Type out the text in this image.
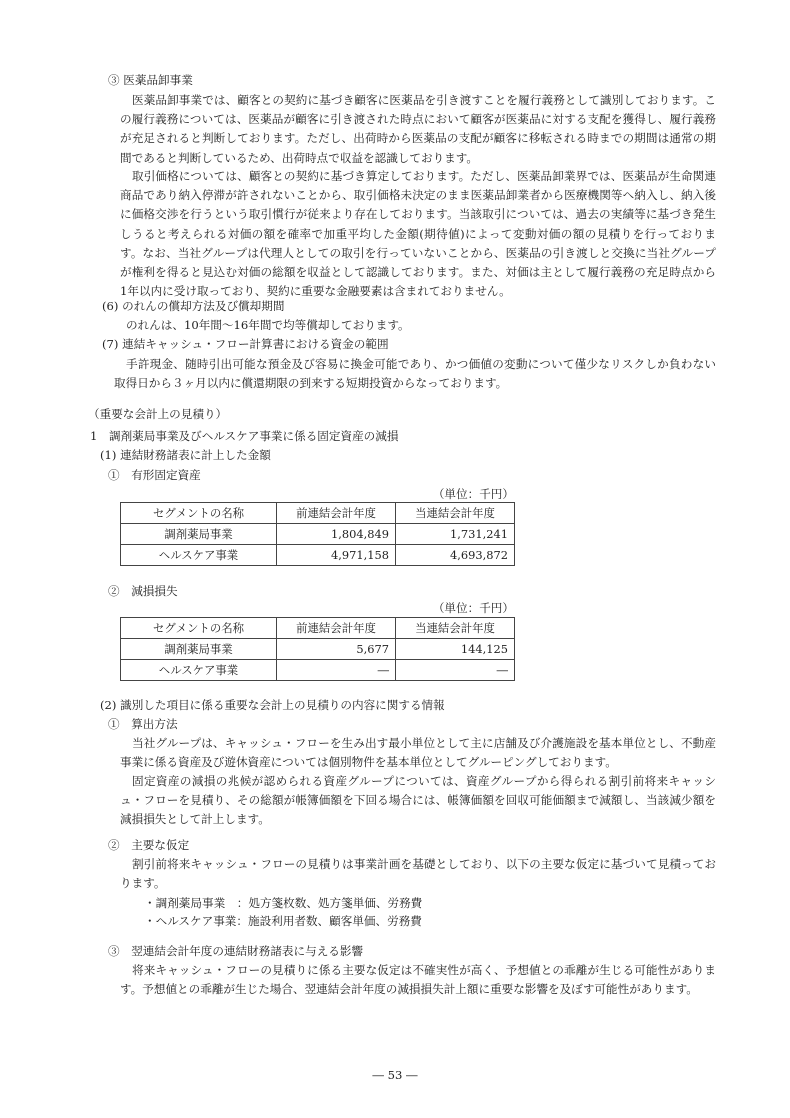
③ 医薬品卸事業
医薬品卸事業では、顧客との契約に基づき顧客に医薬品を引き渡すことを履行義務として識別しております。この履行義務については、医薬品が顧客に引き渡された時点において顧客が医薬品に対する支配を獲得し、履行義務が充足されると判断しております。ただし、出荷時から医薬品の支配が顧客に移転される時までの期間は通常の期間であると判断しているため、出荷時点で収益を認識しております。
取引価格については、顧客との契約に基づき算定しております。ただし、医薬品卸業界では、医薬品が生命関連商品であり納入停滞が許されないことから、取引価格未決定のまま医薬品卸業者から医療機関等へ納入し、納入後に価格交渉を行うという取引慣行が従来より存在しております。当該取引については、過去の実績等に基づき発生しうると考えられる対価の額を確率で加重平均した金額(期待値)によって変動対価の額の見積りを行っております。なお、当社グループは代理人としての取引を行っていないことから、医薬品の引き渡しと交換に当社グループが権利を得ると見込む対価の総額を収益として認識しております。また、対価は主として履行義務の充足時点から1年以内に受け取っており、契約に重要な金融要素は含まれておりません。
(6) のれんの償却方法及び償却期間
のれんは、10年間～16年間で均等償却しております。
(7) 連結キャッシュ・フロー計算書における資金の範囲
手許現金、随時引出可能な預金及び容易に換金可能であり、かつ価値の変動について僅少なリスクしか負わない取得日から３ヶ月以内に償還期限の到来する短期投資からなっております。
（重要な会計上の見積り）
1　調剤薬局事業及びヘルスケア事業に係る固定資産の減損
(1) 連結財務諸表に計上した金額
①　有形固定資産
（単位：千円）
セグメントの名称	前連結会計年度	当連結会計年度
調剤薬局事業	1,804,849	1,731,241
ヘルスケア事業	4,971,158	4,693,872
②　減損損失
（単位：千円）
セグメントの名称	前連結会計年度	当連結会計年度
調剤薬局事業	5,677	144,125
ヘルスケア事業	―	―
(2) 識別した項目に係る重要な会計上の見積りの内容に関する情報
①　算出方法
当社グループは、キャッシュ・フローを生み出す最小単位として主に店舗及び介護施設を基本単位とし、不動産事業に係る資産及び遊休資産については個別物件を基本単位としてグルーピングしております。
固定資産の減損の兆候が認められる資産グループについては、資産グループから得られる割引前将来キャッシュ・フローを見積り、その総額が帳簿価額を下回る場合には、帳簿価額を回収可能価額まで減額し、当該減少額を減損損失として計上します。
②　主要な仮定
割引前将来キャッシュ・フローの見積りは事業計画を基礎としており、以下の主要な仮定に基づいて見積っております。
・調剤薬局事業　：処方箋枚数、処方箋単価、労務費
・ヘルスケア事業：施設利用者数、顧客単価、労務費
③　翌連結会計年度の連結財務諸表に与える影響
将来キャッシュ・フローの見積りに係る主要な仮定は不確実性が高く、予想値との乖離が生じる可能性があります。予想値との乖離が生じた場合、翌連結会計年度の減損損失計上額に重要な影響を及ぼす可能性があります。
― 53 ―
